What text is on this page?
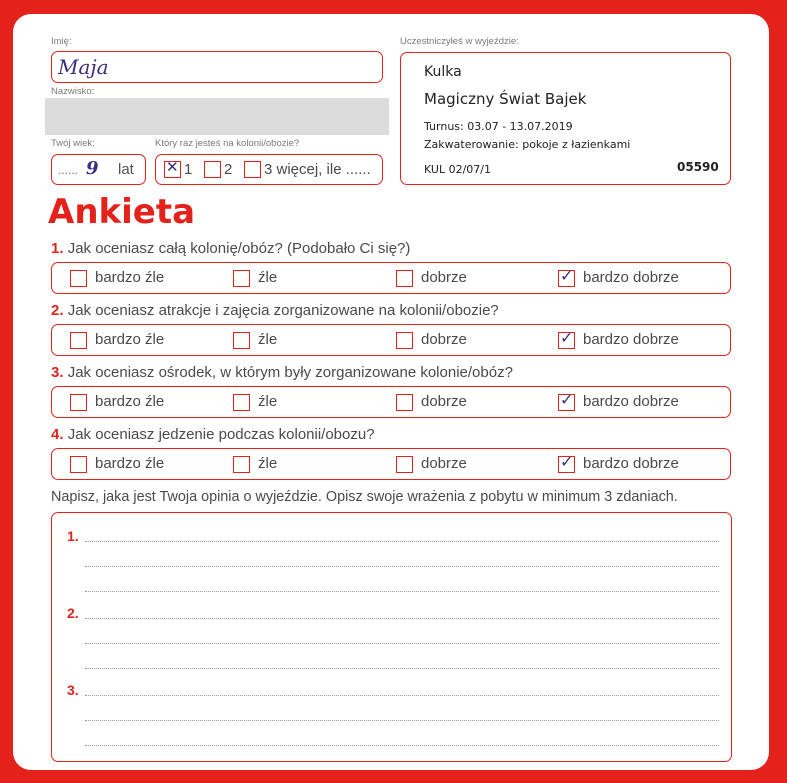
Imię:
Maja
Nazwisko:
Twój wiek:
...... 9 lat
Który raz jesteś na kolonii/obozie?
✕ 1 2 3 więcej, ile ......
Uczestniczyłeś w wyjeździe:
Kulka
Magiczny Świat Bajek
Turnus: 03.07 - 13.07.2019
Zakwaterowanie: pokoje z łazienkami
KUL 02/07/1	05590
Ankieta
1. Jak oceniasz całą kolonię/obóz? (Podobało Ci się?)
bardzo źle	źle	dobrze	✓ bardzo dobrze
2. Jak oceniasz atrakcje i zajęcia zorganizowane na kolonii/obozie?
bardzo źle	źle	dobrze	✓ bardzo dobrze
3. Jak oceniasz ośrodek, w którym były zorganizowane kolonie/obóz?
bardzo źle	źle	dobrze	✓ bardzo dobrze
4. Jak oceniasz jedzenie podczas kolonii/obozu?
bardzo źle	źle	dobrze	✓ bardzo dobrze
Napisz, jaka jest Twoja opinia o wyjeździe. Opisz swoje wrażenia z pobytu w minimum 3 zdaniach.
1.
2.
3.
